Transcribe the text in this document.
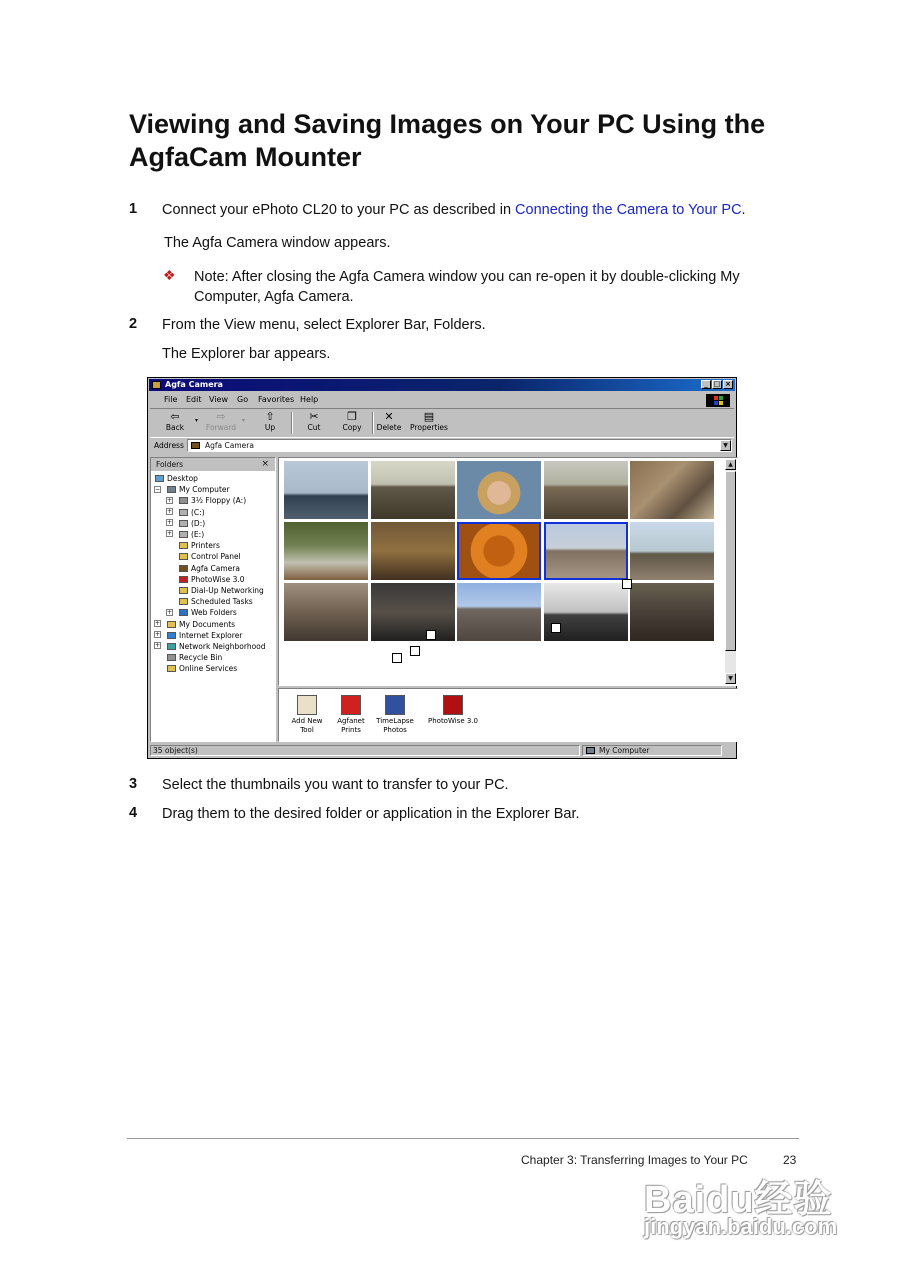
Viewing and Saving Images on Your PC Using the AgfaCam Mounter
1 Connect your ePhoto CL20 to your PC as described in Connecting the Camera to Your PC.
The Agfa Camera window appears.
❖ Note: After closing the Agfa Camera window you can re-open it by double-clicking My Computer, Agfa Camera.
2 From the View menu, select Explorer Bar, Folders.
The Explorer bar appears.
Agfa Camera	_ □ ×
File Edit View Go Favorites Help
⇦
Back
▾	⇨
Forward
▾	⇧
Up
✂
Cut
❐
Copy
✕
Delete
▤
Properties
Address	Agfa Camera	▼
Folders	×
Desktop
My Computer
3½ Floppy (A:)
(C:)
(D:)
(E:)
Printers
Control Panel
Agfa Camera
PhotoWise 3.0
Dial-Up Networking
Scheduled Tasks
Web Folders
My Documents
Internet Explorer
Network Neighborhood
Recycle Bin
Online Services
−
+
+
+
+
+
+
+
+
▲
▼
Add New
Tool
Agfanet
Prints
TimeLapse
Photos
PhotoWise 3.0
35 object(s)	My Computer
3 Select the thumbnails you want to transfer to your PC.
4 Drag them to the desired folder or application in the Explorer Bar.
Chapter 3: Transferring Images to Your PC	23
Baidu经验
jingyan.baidu.com
